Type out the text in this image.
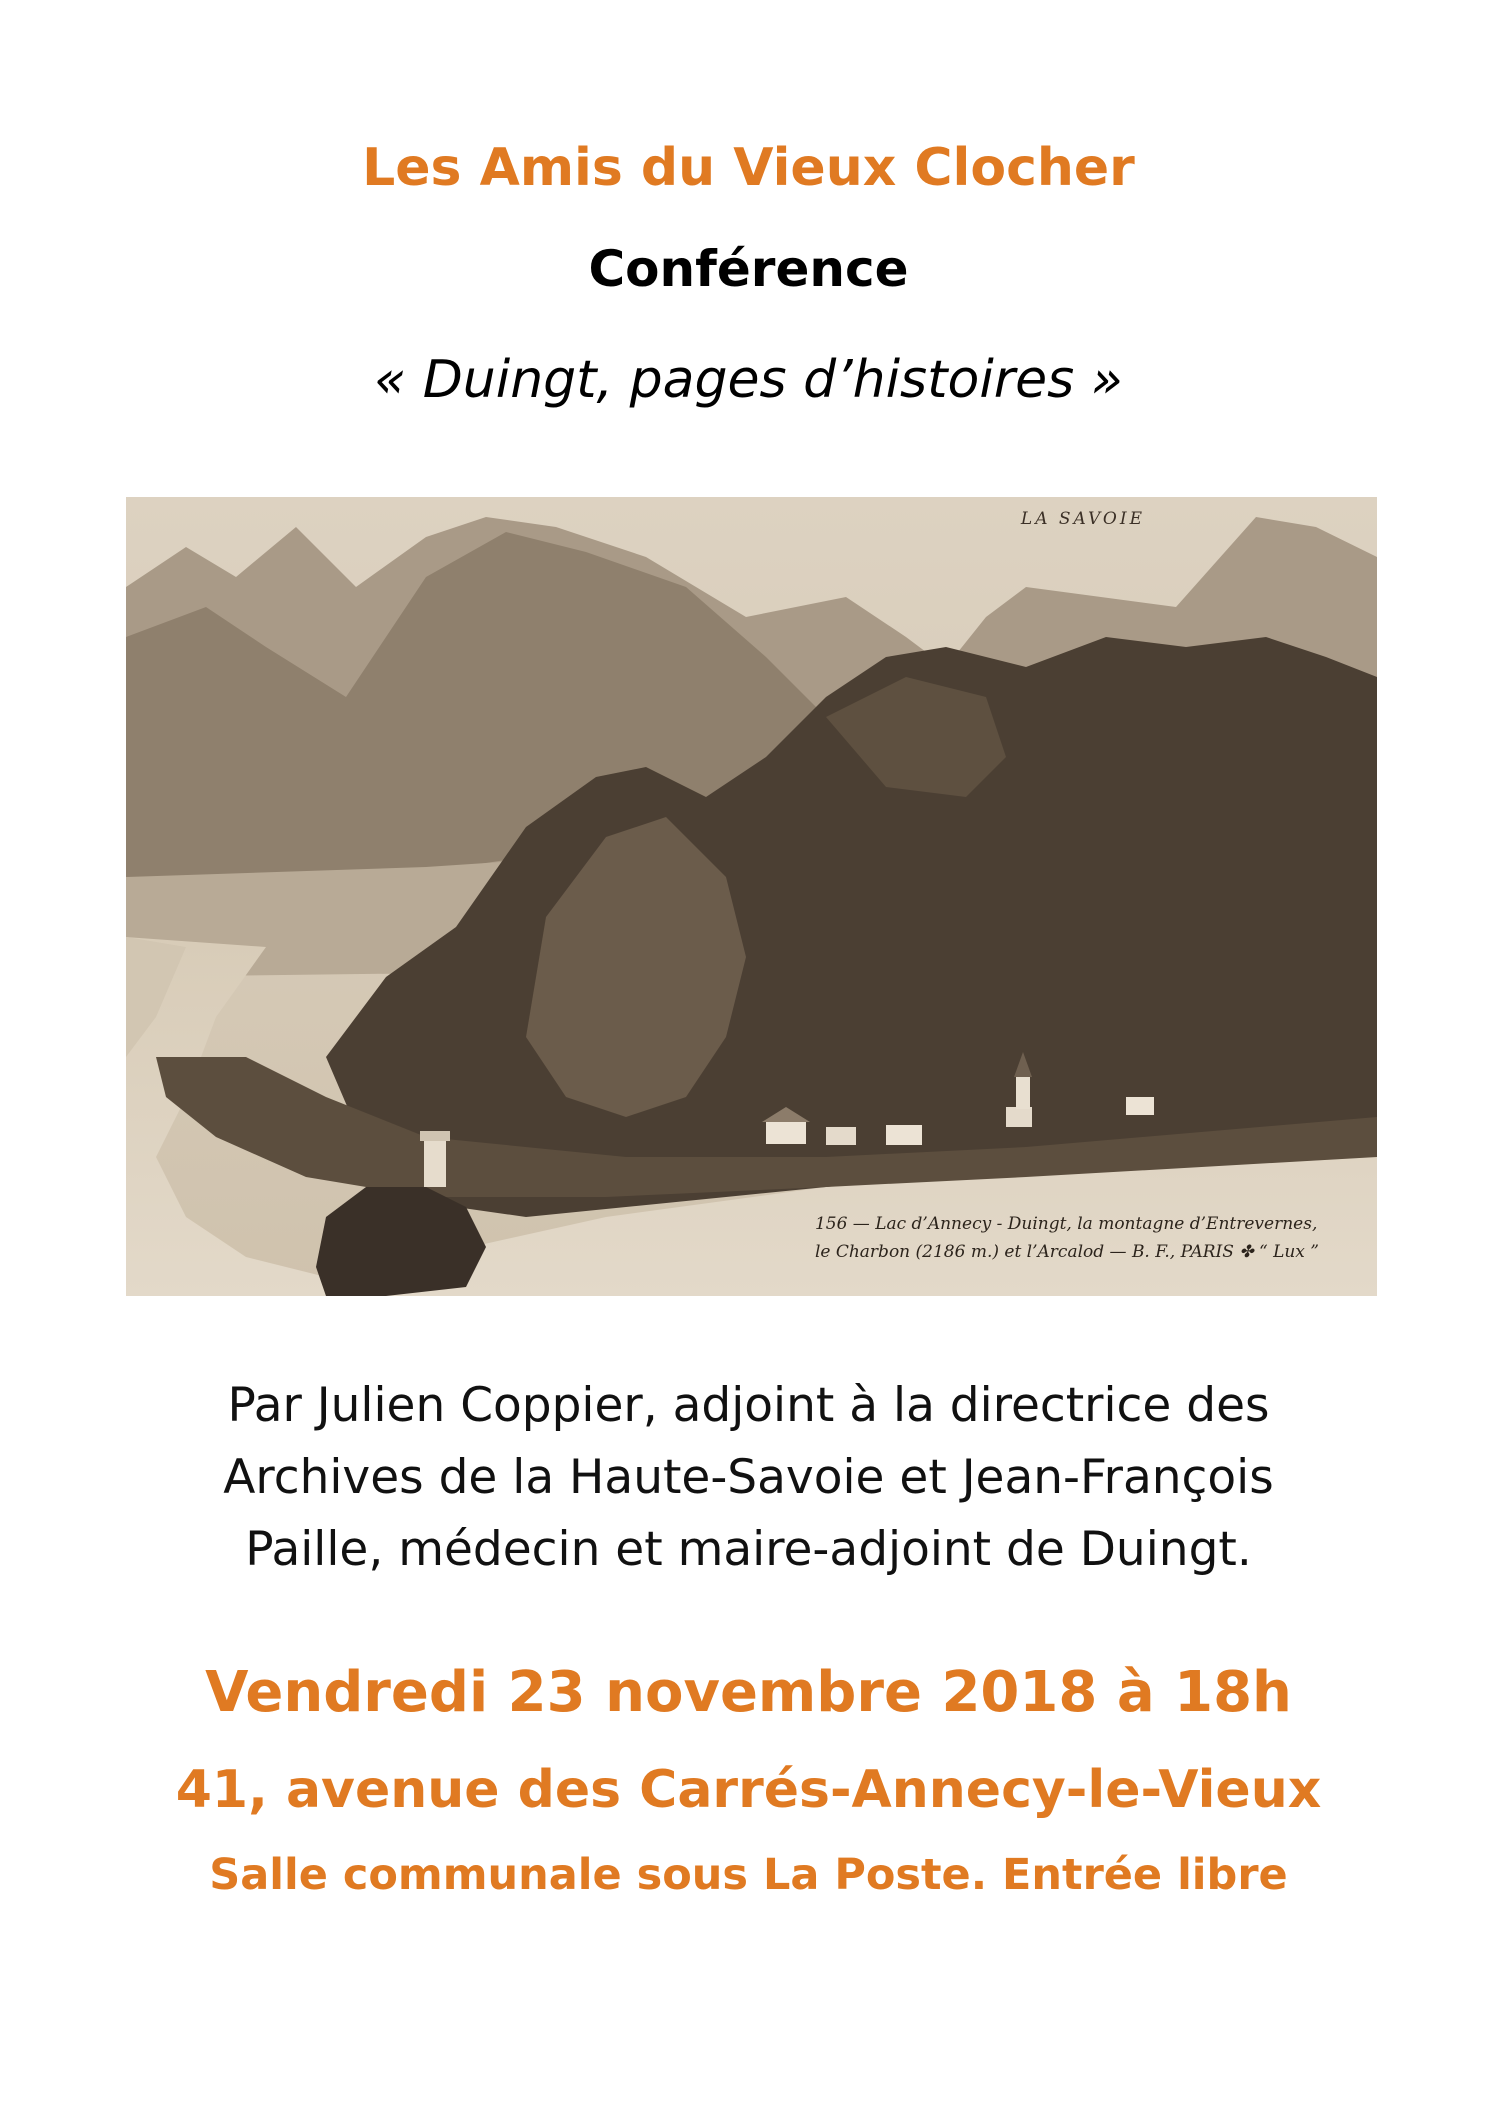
Les Amis du Vieux Clocher
Conférence
« Duingt, pages d’histoires »
LA SAVOIE
156 — Lac d’Annecy - Duingt, la montagne d’Entrevernes,
le Charbon (2186 m.) et l’Arcalod — B. F., PARIS ✤ “ Lux ”
Par Julien Coppier, adjoint à la directrice des
Archives de la Haute-Savoie et Jean-François
Paille, médecin et maire-adjoint de Duingt.
Vendredi 23 novembre 2018 à 18h
41, avenue des Carrés-Annecy-le-Vieux
Salle communale sous La Poste. Entrée libre
